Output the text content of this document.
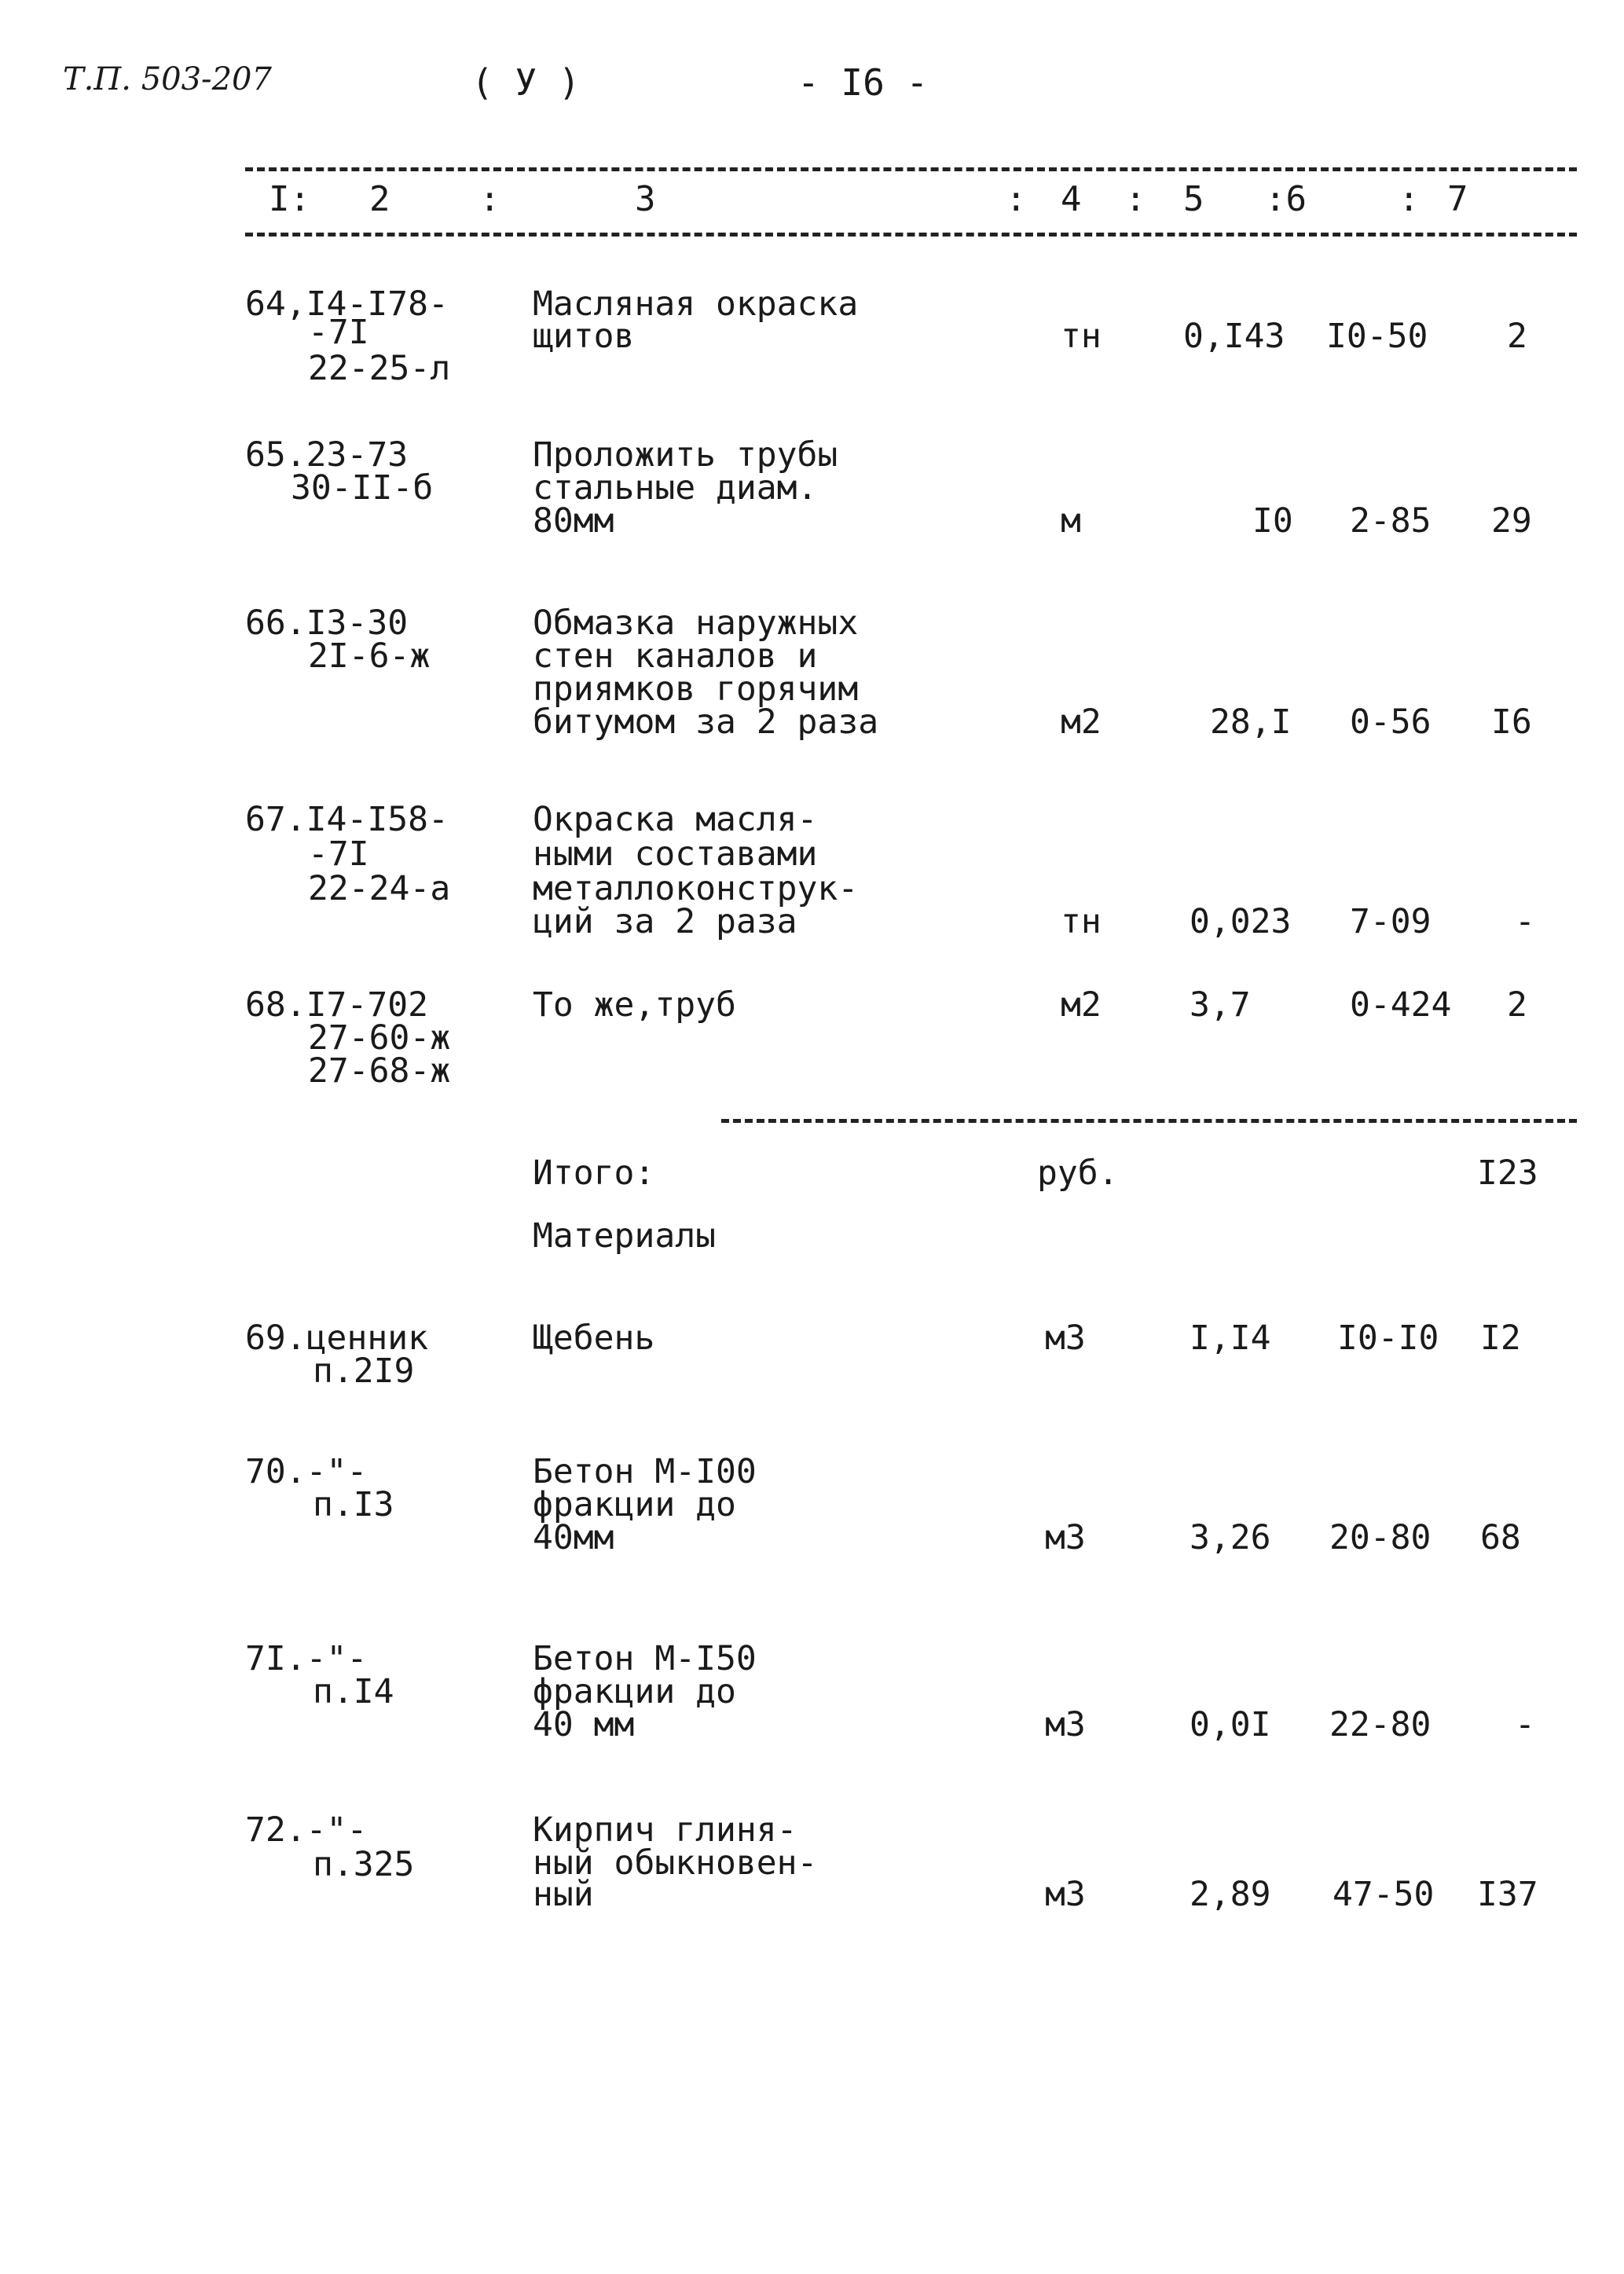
Т.П. 503-207	( У )	- I6 -
I: 2	:	3	: 4 : 5 :6	: 7
64,I4-I78-
-7I
22-25-л
Масляная окраска
щитов	тн 0,I43 I0-50 2
65.23-73
30-II-б
Проложить трубы
стальные диам.
80мм	м	I0 2-85 29
66.I3-30
2I-6-ж
Обмазка наружных
стен каналов и
приямков горячим
битумом за 2 раза	м2	28,I 0-56 I6
67.I4-I58-
-7I
22-24-а
Окраска масля-
ными составами
металлоконструк-
ций за 2 раза	тн	0,023 7-09 -
68.I7-702
27-60-ж
27-68-ж
То же,труб	м2	3,7	0-424 2
Итого:	руб.	I23
Материалы
69.ценник
п.2I9
Щебень	м3	I,I4 I0-I0 I2
70.-"-
п.I3
Бетон М-I00
фракции до
40мм	м3	3,26 20-80 68
7I.-"-
п.I4
Бетон М-I50
фракции до
40 мм	м3	0,0I 22-80 -
72.-"-
п.325
Кирпич глиня-
ный обыкновен-
ный	м3	2,89 47-50 I37
